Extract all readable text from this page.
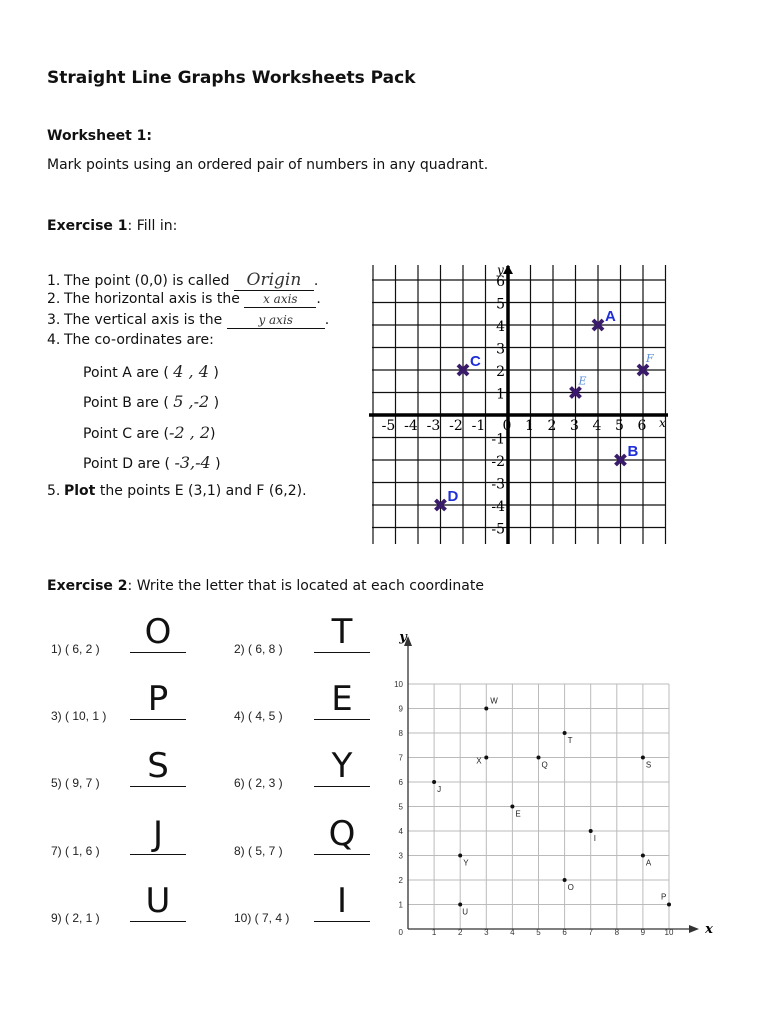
Straight Line Graphs Worksheets Pack
Worksheet 1:
Mark points using an ordered pair of numbers in any quadrant.
Exercise 1: Fill in:
1. The point (0,0) is called Origin .
2. The horizontal axis is the x axis .
3. The vertical axis is the	y axis .
4. The co-ordinates are:
Point A are ( 4 , 4 )
Point B are ( 5 ,-2 )
Point C are (-2 , 2)
Point D are ( -3,-4 )
5. Plot the points E (3,1) and F (6,2).
y
x
-5 -4 -3 -2 -1 0 1 2 3 4 5 6
6
5
4
3
2
1
-1
-2
-3
-4
-5
A
B
C
D
E
F
Exercise 2: Write the letter that is located at each coordinate
1) ( 6, 2 )	O	2) ( 6, 8 )	T
3) ( 10, 1 )	P	4) ( 4, 5 )	E
5) ( 9, 7 )	S	6) ( 2, 3 )	Y
7) ( 1, 6 )	J	8) ( 5, 7 )	Q
9) ( 2, 1 )	U	10) ( 7, 4 )	I
y
x
1	2	3	4	5	6	7	8	9 10
0
1
2
3
4
5
6
7
8
9
10
W
T
X	Q	S
J
E
I
Y	A
O
U
P
